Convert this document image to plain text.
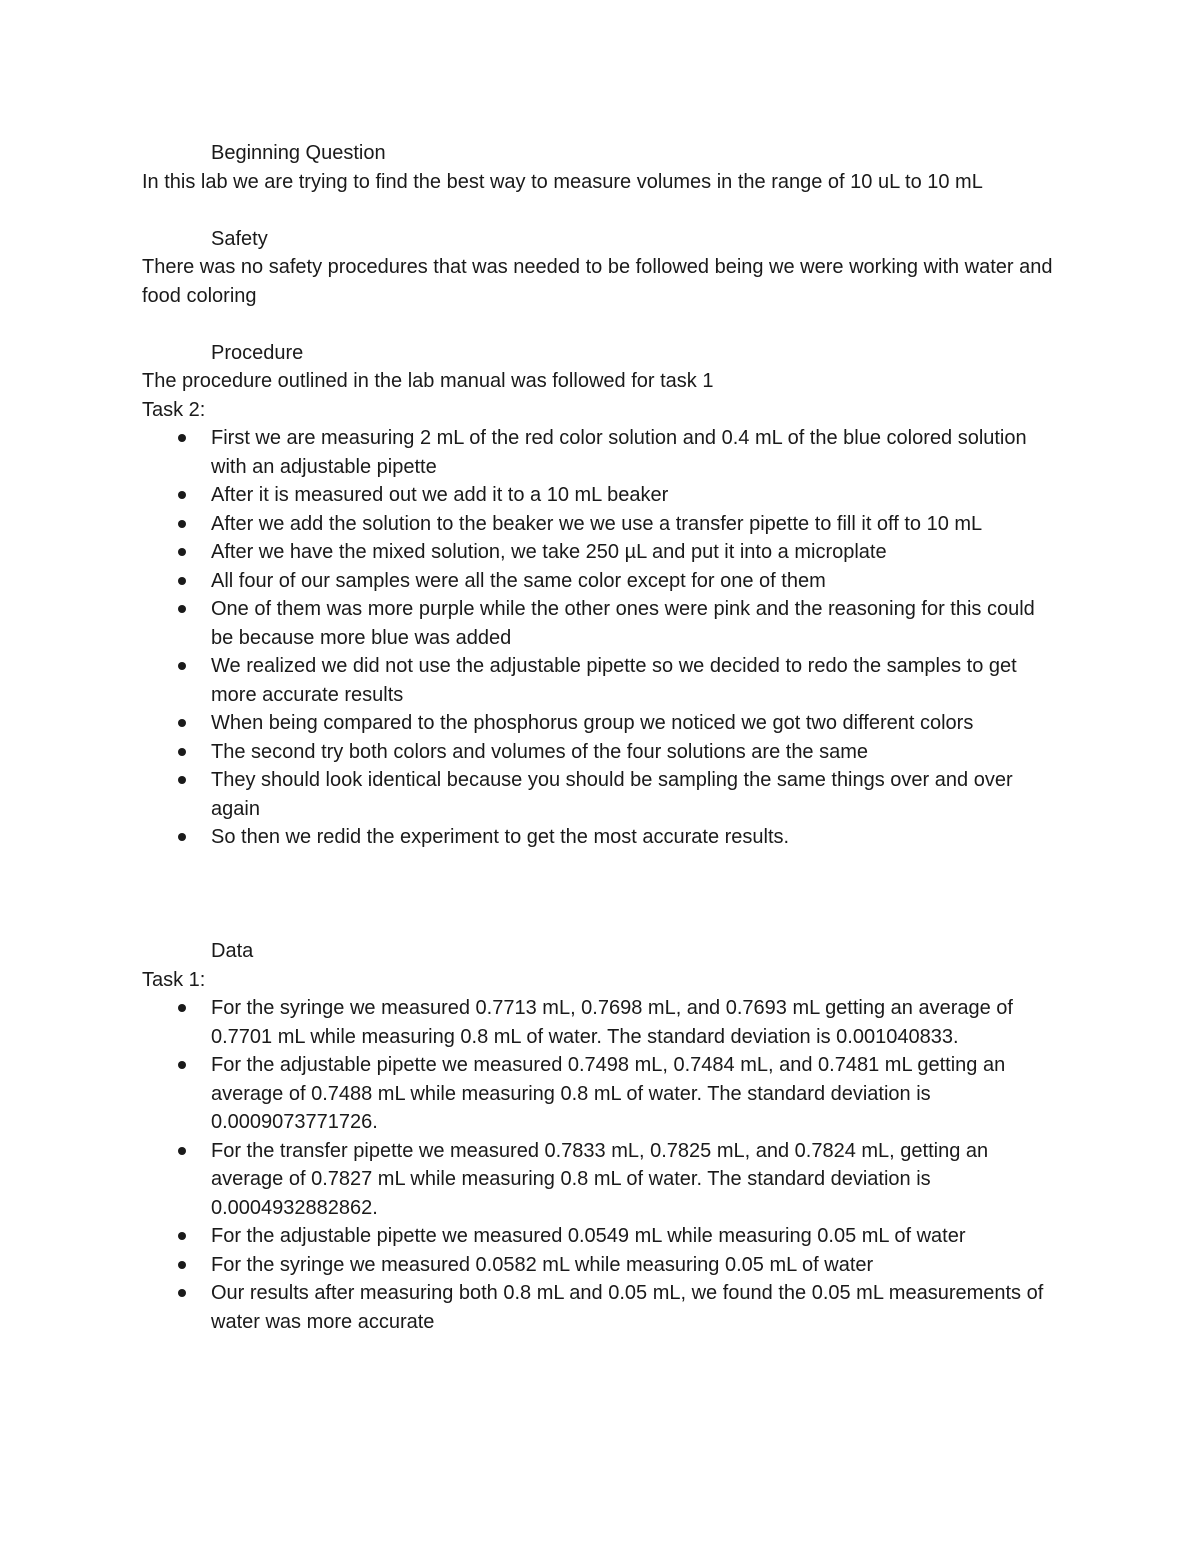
Beginning Question

In this lab we are trying to find the best way to measure volumes in the range of 10 uL to 10 mL

Safety

There was no safety procedures that was needed to be followed being we were working with water and food coloring

Procedure

The procedure outlined in the lab manual was followed for task 1

Task 2:

First we are measuring 2 mL of the red color solution and 0.4 mL of the blue colored solution with an adjustable pipette
After it is measured out we add it to a 10 mL beaker
After we add the solution to the beaker we we use a transfer pipette to fill it off to 10 mL
After we have the mixed solution, we take 250 µL and put it into a microplate
All four of our samples were all the same color except for one of them
One of them was more purple while the other ones were pink and the reasoning for this could be because more blue was added
We realized we did not use the adjustable pipette so we decided to redo the samples to get more accurate results
When being compared to the phosphorus group we noticed we got two different colors
The second try both colors and volumes of the four solutions are the same
They should look identical because you should be sampling the same things over and over again
So then we redid the experiment to get the most accurate results.

Data

Task 1:

For the syringe we measured 0.7713 mL, 0.7698 mL, and 0.7693 mL getting an average of 0.7701 mL while measuring 0.8 mL of water. The standard deviation is 0.001040833.
For the adjustable pipette we measured 0.7498 mL, 0.7484 mL, and 0.7481 mL getting an average of 0.7488 mL while measuring 0.8 mL of water. The standard deviation is 0.0009073771726.
For the transfer pipette we measured 0.7833 mL, 0.7825 mL, and 0.7824 mL, getting an average of 0.7827 mL while measuring 0.8 mL of water. The standard deviation is 0.0004932882862.
For the adjustable pipette we measured 0.0549 mL while measuring 0.05 mL of water
For the syringe we measured 0.0582 mL while measuring 0.05 mL of water
Our results after measuring both 0.8 mL and 0.05 mL, we found the 0.05 mL measurements of water was more accurate
